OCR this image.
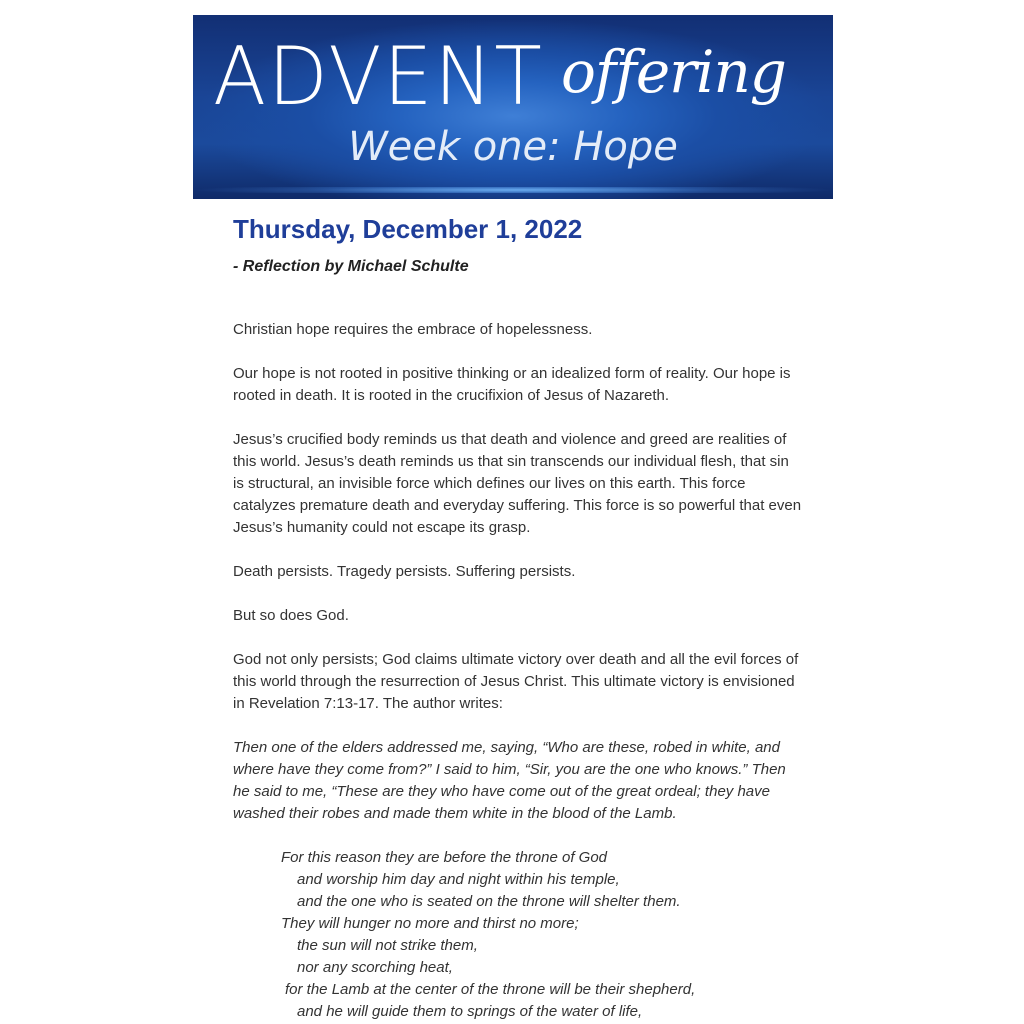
ADVENT offering
Week one: Hope
Thursday, December 1, 2022

- Reflection by Michael Schulte

Christian hope requires the embrace of hopelessness.

Our hope is not rooted in positive thinking or an idealized form of reality. Our hope is rooted in death. It is rooted in the crucifixion of Jesus of Nazareth.

Jesus’s crucified body reminds us that death and violence and greed are realities of this world. Jesus’s death reminds us that sin transcends our individual flesh, that sin is structural, an invisible force which defines our lives on this earth. This force catalyzes premature death and everyday suffering. This force is so powerful that even Jesus’s humanity could not escape its grasp.

Death persists. Tragedy persists. Suffering persists.

But so does God.

God not only persists; God claims ultimate victory over death and all the evil forces of this world through the resurrection of Jesus Christ. This ultimate victory is envisioned in Revelation 7:13-17. The author writes:

Then one of the elders addressed me, saying, “Who are these, robed in white, and where have they come from?” I said to him, “Sir, you are the one who knows.” Then he said to me, “These are they who have come out of the great ordeal; they have washed their robes and made them white in the blood of the Lamb.

For this reason they are before the throne of God
and worship him day and night within his temple,
and the one who is seated on the throne will shelter them.
They will hunger no more and thirst no more;
the sun will not strike them,
nor any scorching heat,
for the Lamb at the center of the throne will be their shepherd,
and he will guide them to springs of the water of life,
